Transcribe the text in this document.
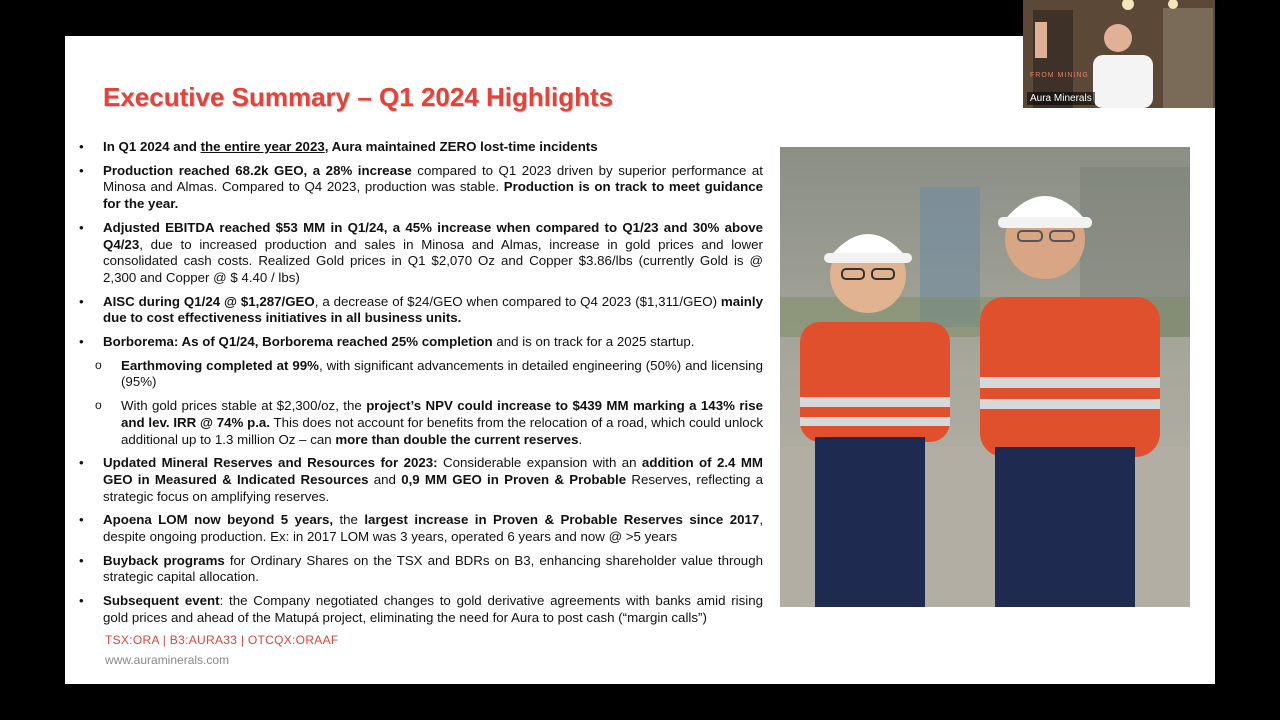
Executive Summary – Q1 2024 Highlights
• In Q1 2024 and the entire year 2023, Aura maintained ZERO lost-time incidents
• Production reached 68.2k GEO, a 28% increase compared to Q1 2023 driven by superior performance at Minosa and Almas. Compared to Q4 2023, production was stable. Production is on track to meet guidance for the year.
• Adjusted EBITDA reached $53 MM in Q1/24, a 45% increase when compared to Q1/23 and 30% above Q4/23, due to increased production and sales in Minosa and Almas, increase in gold prices and lower consolidated cash costs. Realized Gold prices in Q1 $2,070 Oz and Copper $3.86/lbs (currently Gold is @ 2,300 and Copper @ $ 4.40 / lbs)
• AISC during Q1/24 @ $1,287/GEO, a decrease of $24/GEO when compared to Q4 2023 ($1,311/GEO) mainly due to cost effectiveness initiatives in all business units.
• Borborema: As of Q1/24, Borborema reached 25% completion and is on track for a 2025 startup.
o Earthmoving completed at 99%, with significant advancements in detailed engineering (50%) and licensing (95%)
o With gold prices stable at $2,300/oz, the project’s NPV could increase to $439 MM marking a 143% rise and lev. IRR @ 74% p.a. This does not account for benefits from the relocation of a road, which could unlock additional up to 1.3 million Oz – can more than double the current reserves.
• Updated Mineral Reserves and Resources for 2023: Considerable expansion with an addition of 2.4 MM GEO in Measured & Indicated Resources and 0,9 MM GEO in Proven & Probable Reserves, reflecting a strategic focus on amplifying reserves.
• Apoena LOM now beyond 5 years, the largest increase in Proven & Probable Reserves since 2017, despite ongoing production. Ex: in 2017 LOM was 3 years, operated 6 years and now @ >5 years
• Buyback programs for Ordinary Shares on the TSX and BDRs on B3, enhancing shareholder value through strategic capital allocation.
• Subsequent event: the Company negotiated changes to gold derivative agreements with banks amid rising gold prices and ahead of the Matupá project, eliminating the need for Aura to post cash (“margin calls”)
TSX:ORA | B3:AURA33 | OTCQX:ORAAF
www.auraminerals.com
Aura Minerals
FROM MINING
